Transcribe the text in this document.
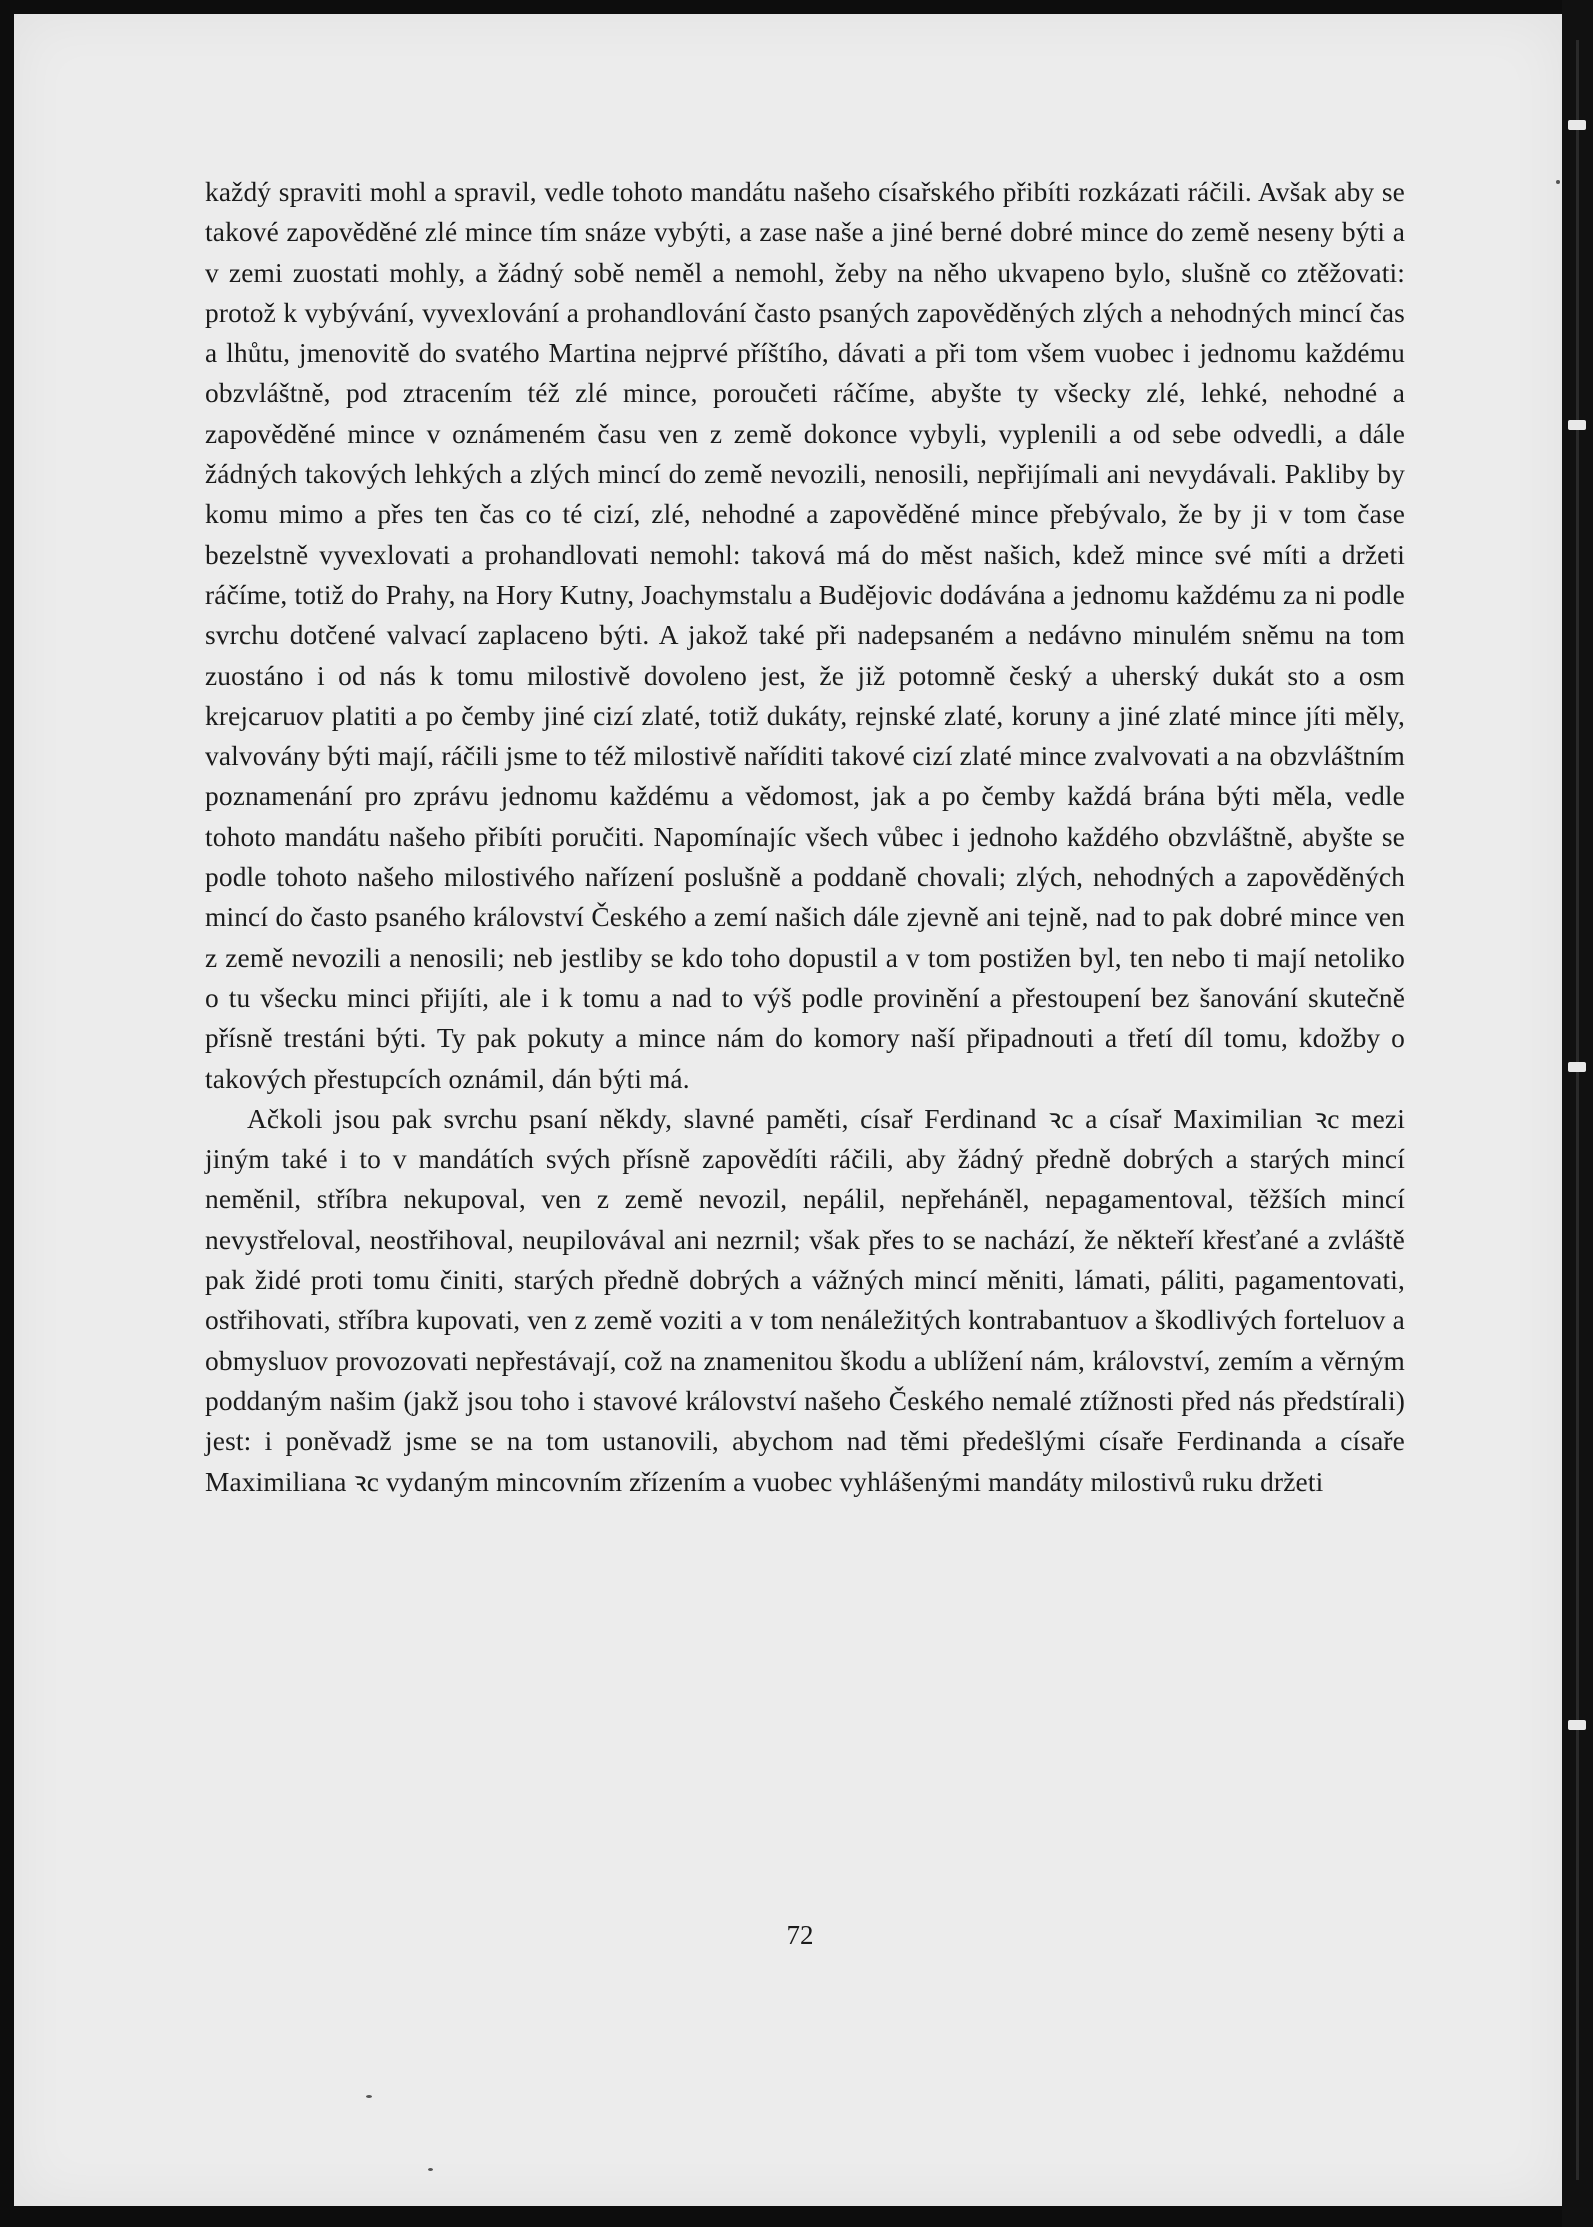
každý spraviti mohl a spravil, vedle tohoto mandátu našeho císařského přibíti rozkázati ráčili. Avšak aby se takové zapověděné zlé mince tím snáze vybýti, a zase naše a jiné berné dobré mince do země neseny býti a v zemi zuostati mohly, a žádný sobě neměl a nemohl, žeby na něho ukvapeno bylo, slušně co ztěžovati: protož k vybývání, vyvexlování a prohandlování často psaných zapověděných zlých a nehodných mincí čas a lhůtu, jmenovitě do svatého Martina nejprvé příštího, dávati a při tom všem vuobec i jednomu každému obzvláštně, pod ztracením též zlé mince, poroučeti ráčíme, abyšte ty všecky zlé, lehké, nehodné a zapověděné mince v oznámeném času ven z země dokonce vybyli, vyplenili a od sebe odvedli, a dále žádných takových lehkých a zlých mincí do země nevozili, nenosili, nepřijímali ani nevydávali. Pakliby by komu mimo a přes ten čas co té cizí, zlé, nehodné a zapověděné mince přebývalo, že by ji v tom čase bezelstně vyvexlovati a prohandlovati nemohl: taková má do měst našich, kdež mince své míti a držeti ráčíme, totiž do Prahy, na Hory Kutny, Joachymstalu a Budějovic dodávána a jednomu každému za ni podle svrchu dotčené valvací zaplaceno býti. A jakož také při nadepsaném a nedávno minulém sněmu na tom zuostáno i od nás k tomu milostivě dovoleno jest, že již potomně český a uherský dukát sto a osm krejcaruov platiti a po čemby jiné cizí zlaté, totiž dukáty, rejnské zlaté, koruny a jiné zlaté mince jíti měly, valvovány býti mají, ráčili jsme to též milostivě naříditi takové cizí zlaté mince zvalvovati a na obzvláštním poznamenání pro zprávu jednomu každému a vědomost, jak a po čemby každá brána býti měla, vedle tohoto mandátu našeho přibíti poručiti. Napomínajíc všech vůbec i jednoho každého obzvláštně, abyšte se podle tohoto našeho milostivého nařízení poslušně a poddaně chovali; zlých, nehodných a zapověděných mincí do často psaného království Českého a zemí našich dále zjevně ani tejně, nad to pak dobré mince ven z země nevozili a nenosili; neb jestliby se kdo toho dopustil a v tom postižen byl, ten nebo ti mají netoliko o tu všecku minci přijíti, ale i k tomu a nad to výš podle provinění a přestoupení bez šanování skutečně přísně trestáni býti. Ty pak pokuty a mince nám do komory naší připadnouti a třetí díl tomu, kdožby o takových přestupcích oznámil, dán býti má.

Ačkoli jsou pak svrchu psaní někdy, slavné paměti, císař Ferdinand ꝛc a císař Maximilian ꝛc mezi jiným také i to v mandátích svých přísně zapovědíti ráčili, aby žádný předně dobrých a starých mincí neměnil, stříbra nekupoval, ven z země nevozil, nepálil, nepřeháněl, nepagamentoval, těžších mincí nevystřeloval, neostřihoval, neupilovával ani nezrnil; však přes to se nachází, že někteří křesťané a zvláště pak židé proti tomu činiti, starých předně dobrých a vážných mincí měniti, lámati, páliti, pagamentovati, ostřihovati, stříbra kupovati, ven z země voziti a v tom nenáležitých kontrabantuov a škodlivých forteluov a obmysluov provozovati nepřestávají, což na znamenitou škodu a ublížení nám, království, zemím a věrným poddaným našim (jakž jsou toho i stavové království našeho Českého nemalé ztížnosti před nás předstírali) jest: i poněvadž jsme se na tom ustanovili, abychom nad těmi předešlými císaře Ferdinanda a císaře Maximiliana ꝛc vydaným mincovním zřízením a vuobec vyhlášenými mandáty milostivů ruku držeti

72
